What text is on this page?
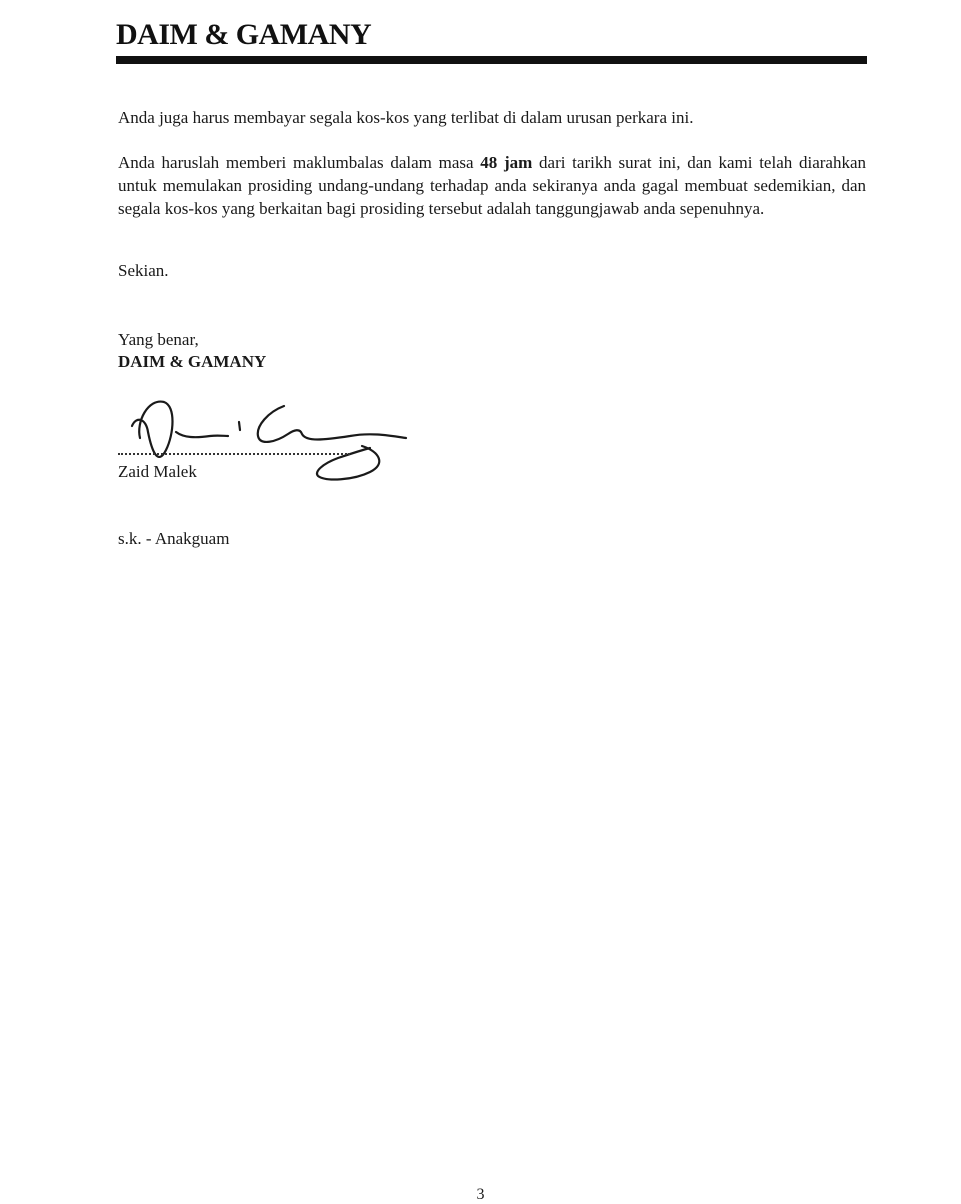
DAIM & GAMANY

Anda juga harus membayar segala kos-kos yang terlibat di dalam urusan perkara ini.

Anda haruslah memberi maklumbalas dalam masa 48 jam dari tarikh surat ini, dan kami telah diarahkan untuk memulakan prosiding undang-undang terhadap anda sekiranya anda gagal membuat sedemikian, dan segala kos-kos yang berkaitan bagi prosiding tersebut adalah tanggungjawab anda sepenuhnya.

Sekian.

Yang benar,

DAIM & GAMANY

Zaid Malek

s.k. - Anakguam

3
